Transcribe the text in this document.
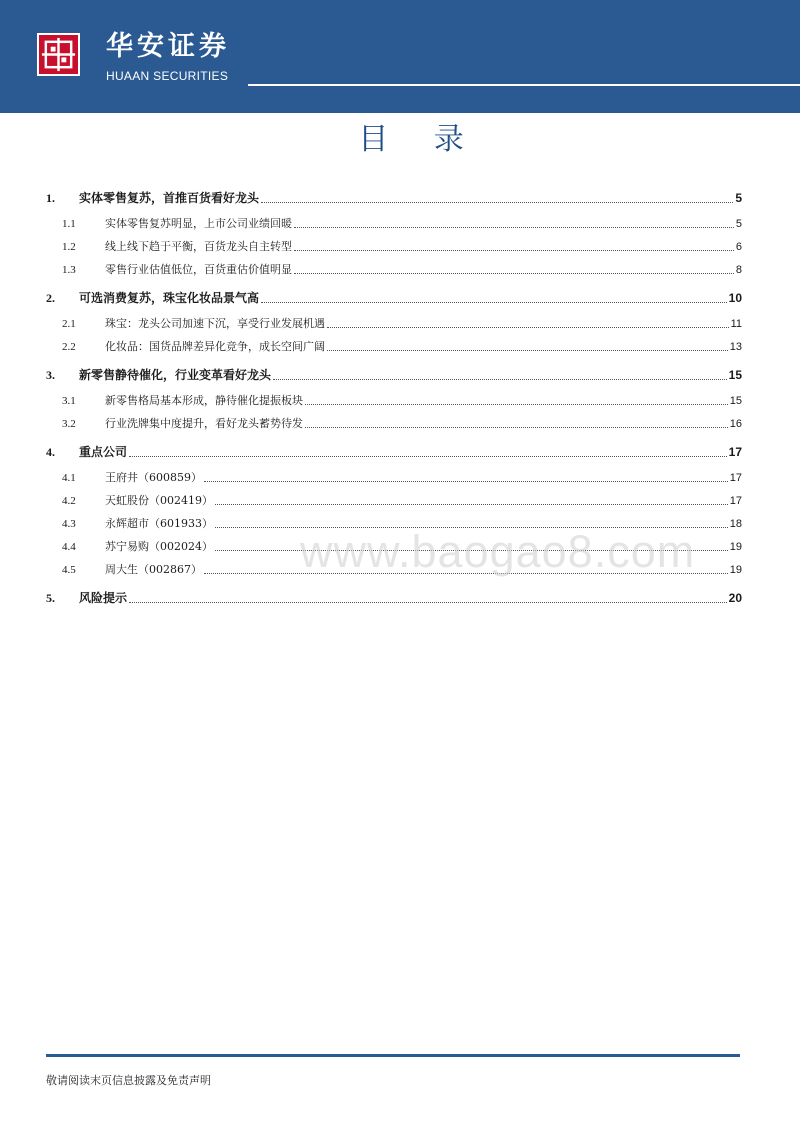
华安证券
HUAAN SECURITIES
目 录
1.	实体零售复苏，首推百货看好龙头	5
1.1	实体零售复苏明显，上市公司业绩回暖	5
1.2	线上线下趋于平衡，百货龙头自主转型	6
1.3	零售行业估值低位，百货重估价值明显	8
2.	可选消费复苏，珠宝化妆品景气高	10
2.1	珠宝：龙头公司加速下沉，享受行业发展机遇	11
2.2	化妆品：国货品牌差异化竞争，成长空间广阔	13
3.	新零售静待催化，行业变革看好龙头	15
3.1	新零售格局基本形成，静待催化提振板块	15
3.2	行业洗牌集中度提升，看好龙头蓄势待发	16
4.	重点公司	17
4.1	王府井（600859）	17
4.2	天虹股份（002419）	17
4.3	永辉超市（601933）	18
4.4	苏宁易购（002024）	19
4.5	周大生（002867）	19
5.	风险提示	20
www.baogao8.com
敬请阅读末页信息披露及免责声明
